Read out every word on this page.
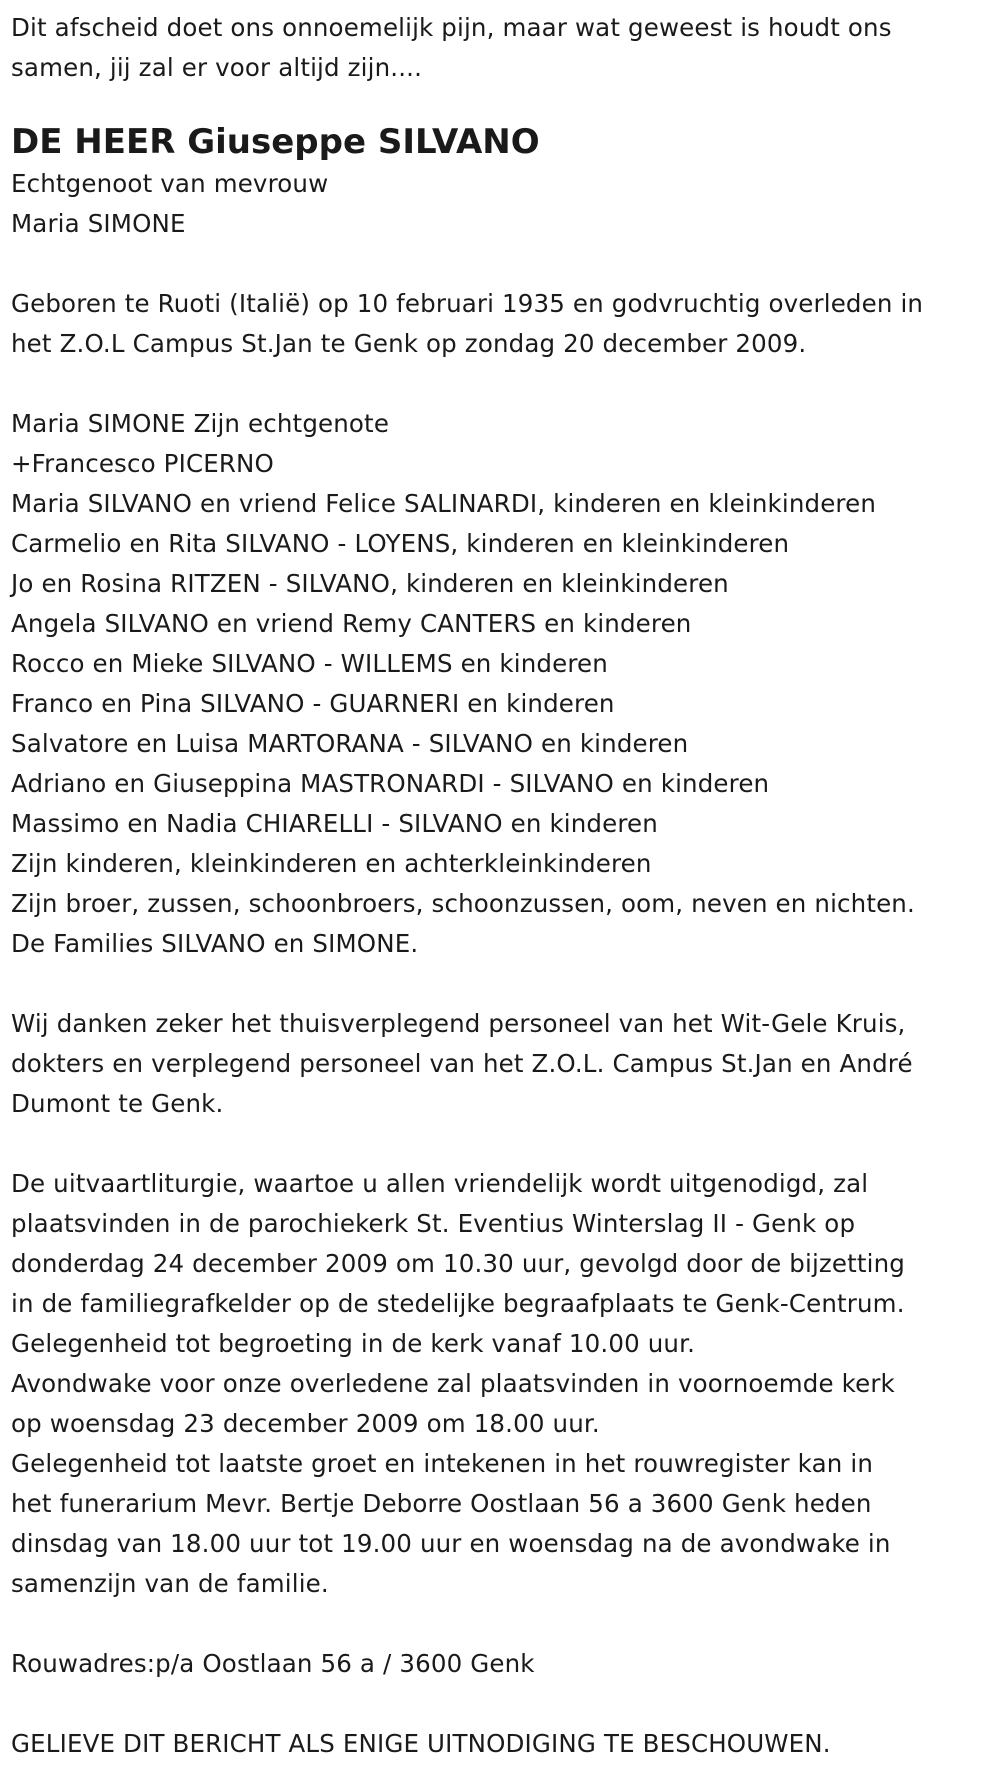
Dit afscheid doet ons onnoemelijk pijn, maar wat geweest is houdt ons
samen, jij zal er voor altijd zijn....
DE HEER Giuseppe SILVANO
Echtgenoot van mevrouw
Maria SIMONE
Geboren te Ruoti (Italië) op 10 februari 1935 en godvruchtig overleden in
het Z.O.L Campus St.Jan te Genk op zondag 20 december 2009.
Maria SIMONE Zijn echtgenote
+Francesco PICERNO
Maria SILVANO en vriend Felice SALINARDI, kinderen en kleinkinderen
Carmelio en Rita SILVANO - LOYENS, kinderen en kleinkinderen
Jo en Rosina RITZEN - SILVANO, kinderen en kleinkinderen
Angela SILVANO en vriend Remy CANTERS en kinderen
Rocco en Mieke SILVANO - WILLEMS en kinderen
Franco en Pina SILVANO - GUARNERI en kinderen
Salvatore en Luisa MARTORANA - SILVANO en kinderen
Adriano en Giuseppina MASTRONARDI - SILVANO en kinderen
Massimo en Nadia CHIARELLI - SILVANO en kinderen
Zijn kinderen, kleinkinderen en achterkleinkinderen
Zijn broer, zussen, schoonbroers, schoonzussen, oom, neven en nichten.
De Families SILVANO en SIMONE.
Wij danken zeker het thuisverplegend personeel van het Wit-Gele Kruis,
dokters en verplegend personeel van het Z.O.L. Campus St.Jan en André
Dumont te Genk.
De uitvaartliturgie, waartoe u allen vriendelijk wordt uitgenodigd, zal
plaatsvinden in de parochiekerk St. Eventius Winterslag II - Genk op
donderdag 24 december 2009 om 10.30 uur, gevolgd door de bijzetting
in de familiegrafkelder op de stedelijke begraafplaats te Genk-Centrum.
Gelegenheid tot begroeting in de kerk vanaf 10.00 uur.
Avondwake voor onze overledene zal plaatsvinden in voornoemde kerk
op woensdag 23 december 2009 om 18.00 uur.
Gelegenheid tot laatste groet en intekenen in het rouwregister kan in
het funerarium Mevr. Bertje Deborre Oostlaan 56 a 3600 Genk heden
dinsdag van 18.00 uur tot 19.00 uur en woensdag na de avondwake in
samenzijn van de familie.
Rouwadres:p/a Oostlaan 56 a / 3600 Genk
GELIEVE DIT BERICHT ALS ENIGE UITNODIGING TE BESCHOUWEN.
